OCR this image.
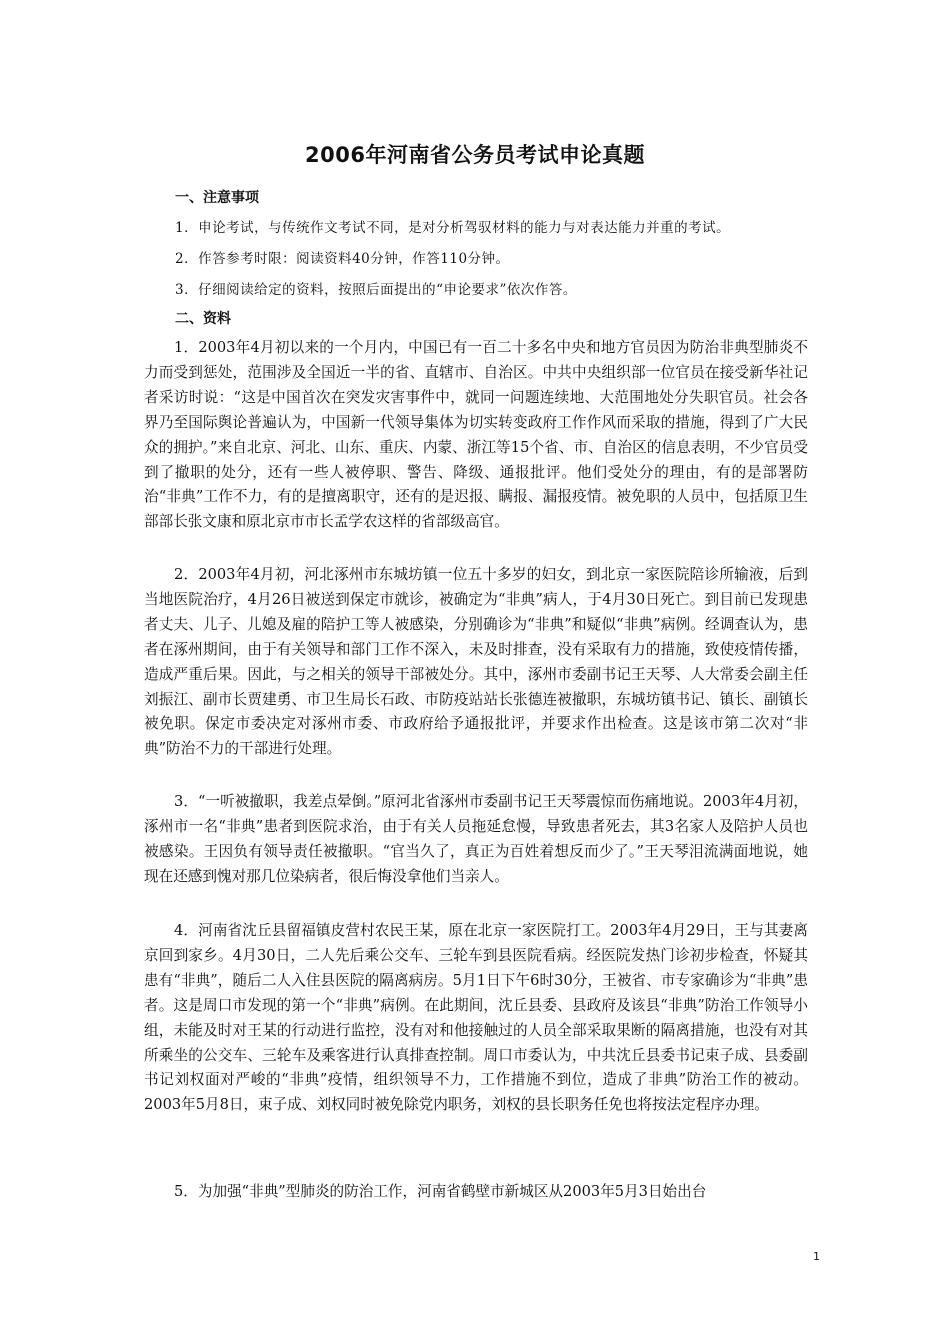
2006年河南省公务员考试申论真题
一、注意事项

1．申论考试，与传统作文考试不同，是对分析驾驭材料的能力与对表达能力并重的考试。

2．作答参考时限：阅读资料40分钟，作答110分钟。

3．仔细阅读给定的资料，按照后面提出的“申论要求”依次作答。

二、资料

1．2003年4月初以来的一个月内，中国已有一百二十多名中央和地方官员因为防治非典型肺炎不力而受到惩处，范围涉及全国近一半的省、直辖市、自治区。中共中央组织部一位官员在接受新华社记者采访时说：“这是中国首次在突发灾害事件中，就同一问题连续地、大范围地处分失职官员。社会各界乃至国际舆论普遍认为，中国新一代领导集体为切实转变政府工作作风而采取的措施，得到了广大民众的拥护。”来自北京、河北、山东、重庆、内蒙、浙江等15个省、市、自治区的信息表明，不少官员受到了撤职的处分，还有一些人被停职、警告、降级、通报批评。他们受处分的理由，有的是部署防治“非典”工作不力，有的是擅离职守，还有的是迟报、瞒报、漏报疫情。被免职的人员中，包括原卫生部部长张文康和原北京市市长孟学农这样的省部级高官。

2．2003年4月初，河北涿州市东城坊镇一位五十多岁的妇女，到北京一家医院陪诊所输液，后到当地医院治疗，4月26日被送到保定市就诊，被确定为“非典”病人，于4月30日死亡。到目前已发现患者丈夫、儿子、儿媳及雇的陪护工等人被感染，分别确诊为“非典”和疑似“非典”病例。经调查认为，患者在涿州期间，由于有关领导和部门工作不深入，未及时排查，没有采取有力的措施，致使疫情传播，造成严重后果。因此，与之相关的领导干部被处分。其中，涿州市委副书记王天琴、人大常委会副主任刘振江、副市长贾建勇、市卫生局长石政、市防疫站站长张德连被撤职，东城坊镇书记、镇长、副镇长被免职。保定市委决定对涿州市委、市政府给予通报批评，并要求作出检查。这是该市第二次对“非典”防治不力的干部进行处理。

3．“一听被撤职，我差点晕倒。”原河北省涿州市委副书记王天琴震惊而伤痛地说。2003年4月初，涿州市一名“非典”患者到医院求治，由于有关人员拖延怠慢，导致患者死去，其3名家人及陪护人员也被感染。王因负有领导责任被撤职。“官当久了，真正为百姓着想反而少了。”王天琴泪流满面地说，她现在还感到愧对那几位染病者，很后悔没拿他们当亲人。

4．河南省沈丘县留福镇皮营村农民王某，原在北京一家医院打工。2003年4月29日，王与其妻离京回到家乡。4月30日，二人先后乘公交车、三轮车到县医院看病。经医院发热门诊初步检查，怀疑其患有“非典”，随后二人入住县医院的隔离病房。5月1日下午6时30分，王被省、市专家确诊为“非典”患者。这是周口市发现的第一个“非典”病例。在此期间，沈丘县委、县政府及该县“非典”防治工作领导小组，未能及时对王某的行动进行监控，没有对和他接触过的人员全部采取果断的隔离措施，也没有对其所乘坐的公交车、三轮车及乘客进行认真排查控制。周口市委认为，中共沈丘县委书记束子成、县委副书记刘权面对严峻的“非典”疫情，组织领导不力，工作措施不到位，造成了非典”防治工作的被动。2003年5月8日，束子成、刘权同时被免除党内职务，刘权的县长职务任免也将按法定程序办理。

5．为加强“非典”型肺炎的防治工作，河南省鹤壁市新城区从2003年5月3日始出台

1
